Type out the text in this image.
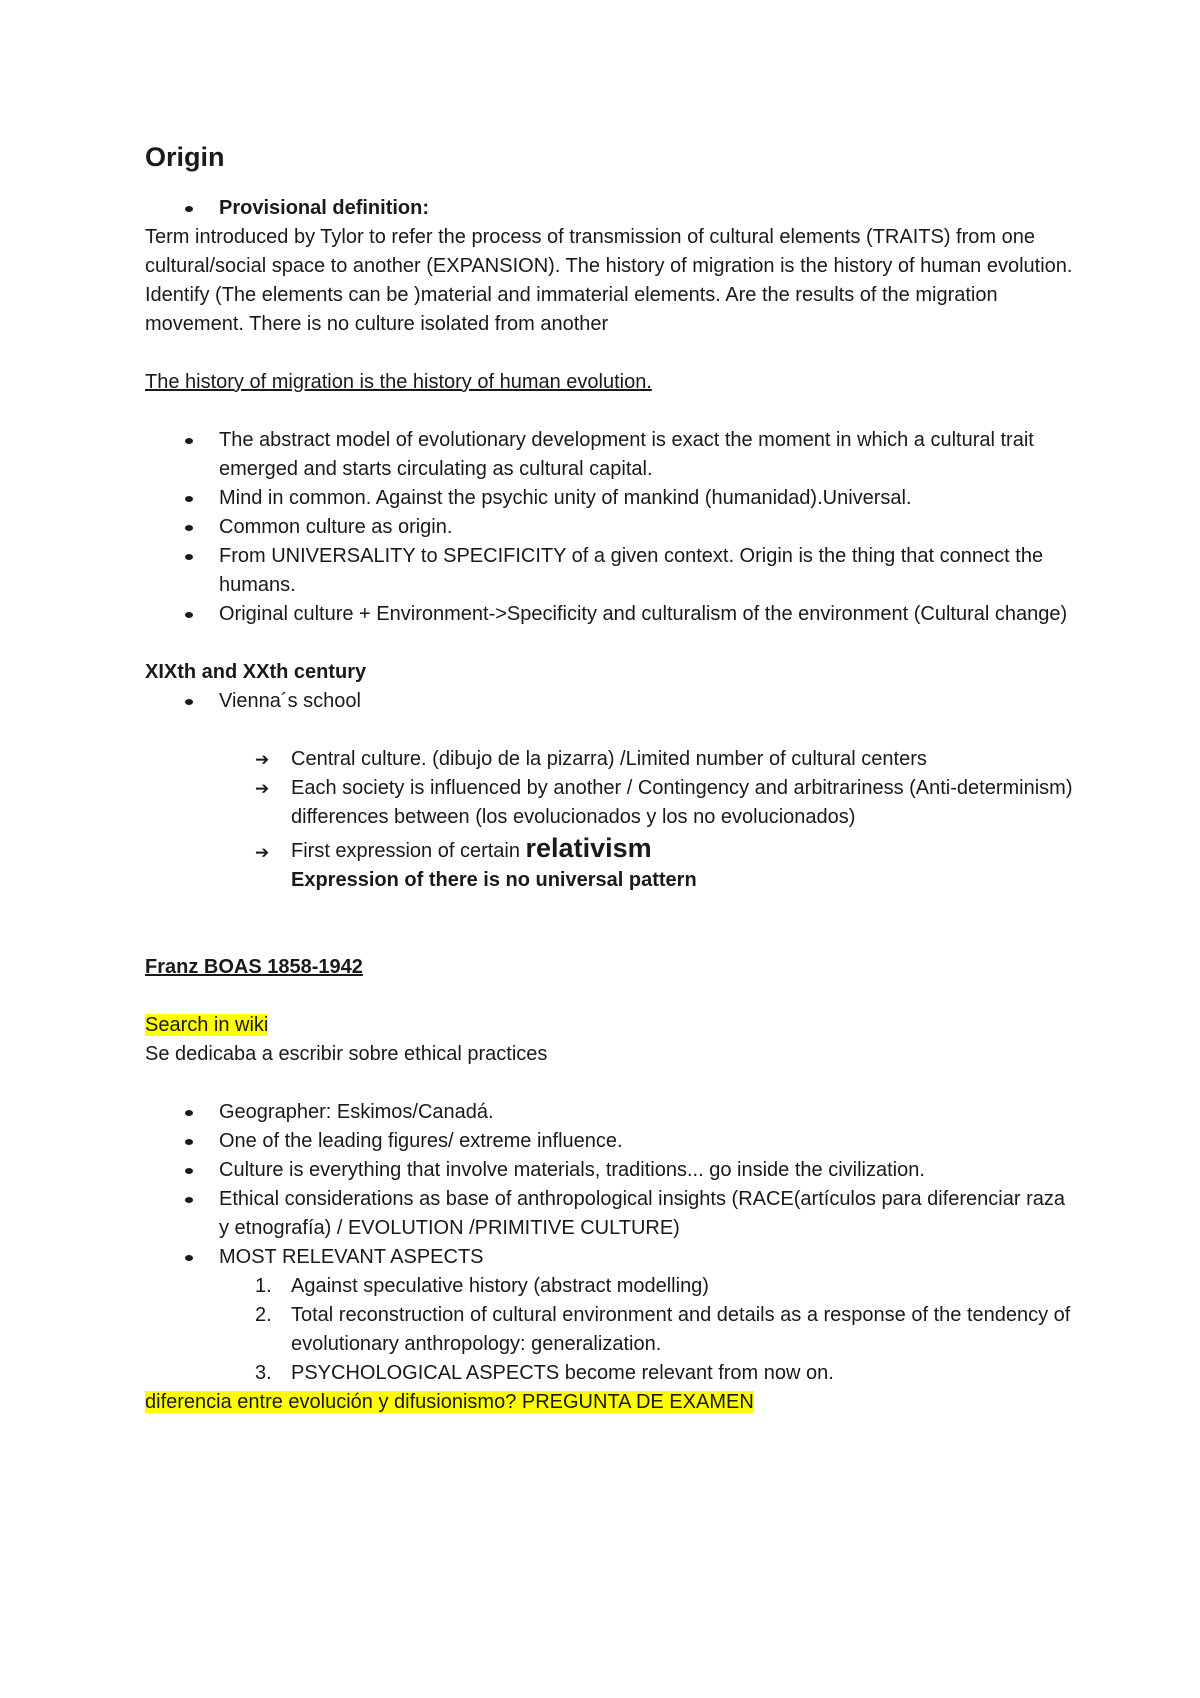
Origin
Provisional definition:

Term introduced by Tylor to refer the process of transmission of cultural elements (TRAITS) from one cultural/social space to another (EXPANSION). The history of migration is the history of human evolution. Identify (The elements can be )material and immaterial elements. Are the results of the migration movement. There is no culture isolated from another

The history of migration is the history of human evolution.

The abstract model of evolutionary development is exact the moment in which a cultural trait emerged and starts circulating as cultural capital.
Mind in common. Against the psychic unity of mankind (humanidad).Universal.
Common culture as origin.
From UNIVERSALITY to SPECIFICITY of a given context. Origin is the thing that connect the humans.
Original culture + Environment->Specificity and culturalism of the environment (Cultural change)

XIXth and XXth century

Vienna´s school
➔ Central culture. (dibujo de la pizarra) /Limited number of cultural centers
➔ Each society is influenced by another / Contingency and arbitrariness (Anti-determinism) differences between (los evolucionados y los no evolucionados)
➔ First expression of certain relativism

Expression of there is no universal pattern

Franz BOAS 1858-1942

Search in wiki

Se dedicaba a escribir sobre ethical practices

Geographer: Eskimos/Canadá.
One of the leading figures/ extreme influence.
Culture is everything that involve materials, traditions... go inside the civilization.
Ethical considerations as base of anthropological insights (RACE(artículos para diferenciar raza y etnografía) / EVOLUTION /PRIMITIVE CULTURE)
MOST RELEVANT ASPECTS
1. Against speculative history (abstract modelling)
2. Total reconstruction of cultural environment and details as a response of the tendency of evolutionary anthropology: generalization.
3. PSYCHOLOGICAL ASPECTS become relevant from now on.

diferencia entre evolución y difusionismo? PREGUNTA DE EXAMEN
